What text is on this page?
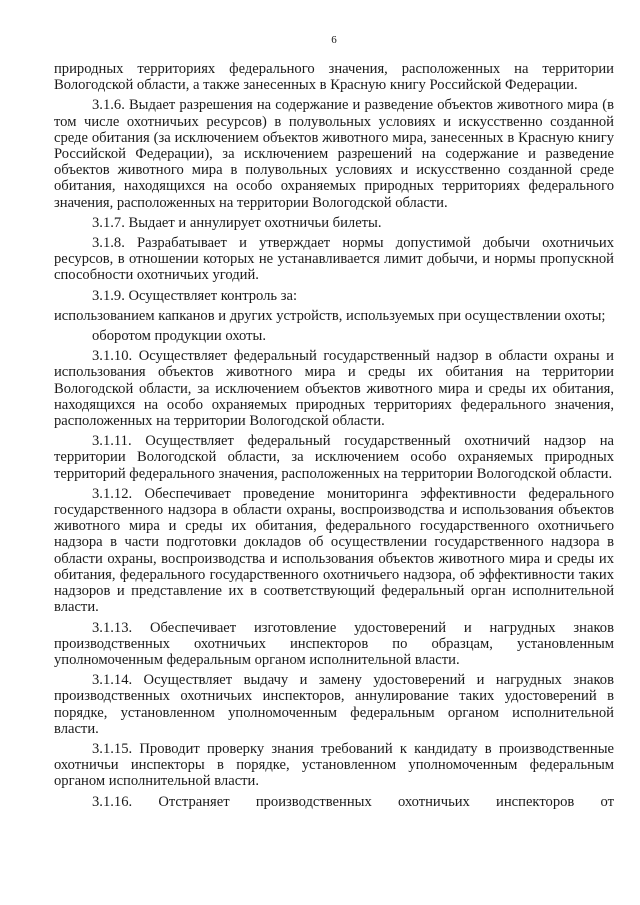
6

природных территориях федерального значения, расположенных на территории Вологодской области, а также занесенных в Красную книгу Российской Федерации.

3.1.6. Выдает разрешения на содержание и разведение объектов животного мира (в том числе охотничьих ресурсов) в полувольных условиях и искусственно созданной среде обитания (за исключением объектов животного мира, занесенных в Красную книгу Российской Федерации), за исключением разрешений на содержание и разведение объектов животного мира в полувольных условиях и искусственно созданной среде обитания, находящихся на особо охраняемых природных территориях федерального значения, расположенных на территории Вологодской области.

3.1.7. Выдает и аннулирует охотничьи билеты.

3.1.8. Разрабатывает и утверждает нормы допустимой добычи охотничьих ресурсов, в отношении которых не устанавливается лимит добычи, и нормы пропускной способности охотничьих угодий.

3.1.9. Осуществляет контроль за:

использованием капканов и других устройств, используемых при осуществлении охоты;

оборотом продукции охоты.

3.1.10. Осуществляет федеральный государственный надзор в области охраны и использования объектов животного мира и среды их обитания на территории Вологодской области, за исключением объектов животного мира и среды их обитания, находящихся на особо охраняемых природных территориях федерального значения, расположенных на территории Вологодской области.

3.1.11. Осуществляет федеральный государственный охотничий надзор на территории Вологодской области, за исключением особо охраняемых природных территорий федерального значения, расположенных на территории Вологодской области.

3.1.12. Обеспечивает проведение мониторинга эффективности федерального государственного надзора в области охраны, воспроизводства и использования объектов животного мира и среды их обитания, федерального государственного охотничьего надзора в части подготовки докладов об осуществлении государственного надзора в области охраны, воспроизводства и использования объектов животного мира и среды их обитания, федерального государственного охотничьего надзора, об эффективности таких надзоров и представление их в соответствующий федеральный орган исполнительной власти.

3.1.13. Обеспечивает изготовление удостоверений и нагрудных знаков производственных охотничьих инспекторов по образцам, установленным уполномоченным федеральным органом исполнительной власти.

3.1.14. Осуществляет выдачу и замену удостоверений и нагрудных знаков производственных охотничьих инспекторов, аннулирование таких удостоверений в порядке, установленном уполномоченным федеральным органом исполнительной власти.

3.1.15. Проводит проверку знания требований к кандидату в производственные охотничьи инспекторы в порядке, установленном уполномоченным федеральным органом исполнительной власти.

3.1.16. Отстраняет производственных охотничьих инспекторов от
